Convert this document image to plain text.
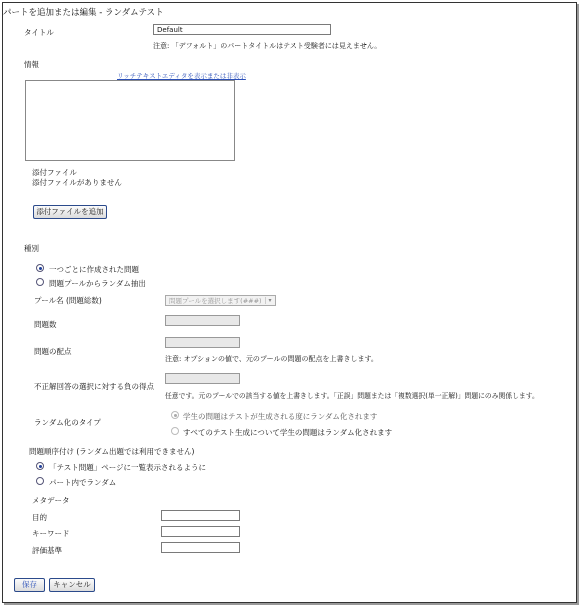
パートを追加または編集 - ランダムテスト
タイトル	Default
注意: 「デフォルト」のパートタイトルはテスト受験者には見えません。
情報
リッチテキストエディタを表示または非表示
添付ファイル
添付ファイルがありません
添付ファイルを追加
種別
一つごとに作成された問題
問題プールからランダム抽出
プール名 (問題総数)	問題プールを選択します(###)	▾
問題数
問題の配点
注意: オプションの値で、元のプールの問題の配点を上書きします。
不正解回答の選択に対する負の得点
任意です。元のプールでの該当する値を上書きします。「正誤」問題または「複数選択(単一正解)」問題にのみ関係します。
ランダム化のタイプ
学生の問題はテストが生成される度にランダム化されます
すべてのテスト生成について学生の問題はランダム化されます
問題順序付け (ランダム出題では利用できません)
「テスト問題」ページに一覧表示されるように
パート内でランダム
メタデータ
目的
キーワード
評価基準
保存	キャンセル
